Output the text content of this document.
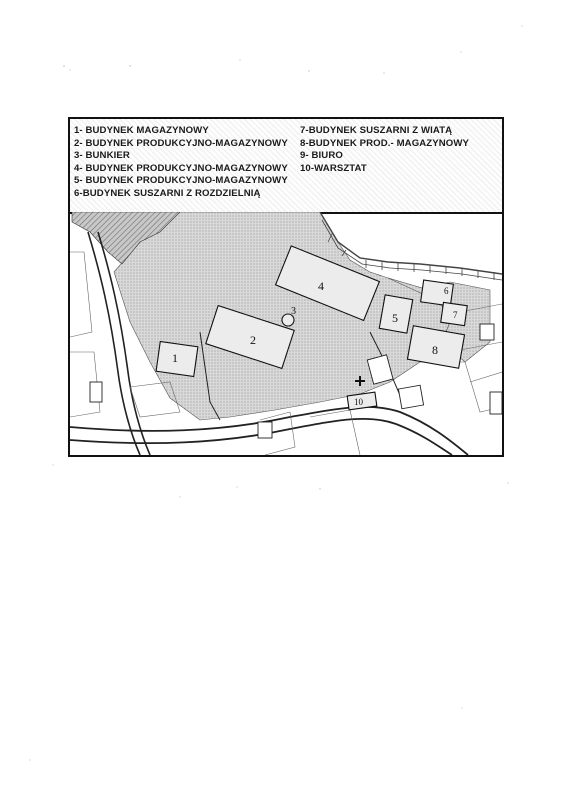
1- BUDYNEK MAGAZYNOWY
2- BUDYNEK PRODUKCYJNO-MAGAZYNOWY
3- BUNKIER
4- BUDYNEK PRODUKCYJNO-MAGAZYNOWY
5- BUDYNEK PRODUKCYJNO-MAGAZYNOWY
6-BUDYNEK SUSZARNI Z ROZDZIELNIĄ
7-BUDYNEK SUSZARNI Z WIATĄ
8-BUDYNEK PROD.- MAGAZYNOWY
9- BIURO
10-WARSZTAT
1
2
3
4
5
6
7
8
10
